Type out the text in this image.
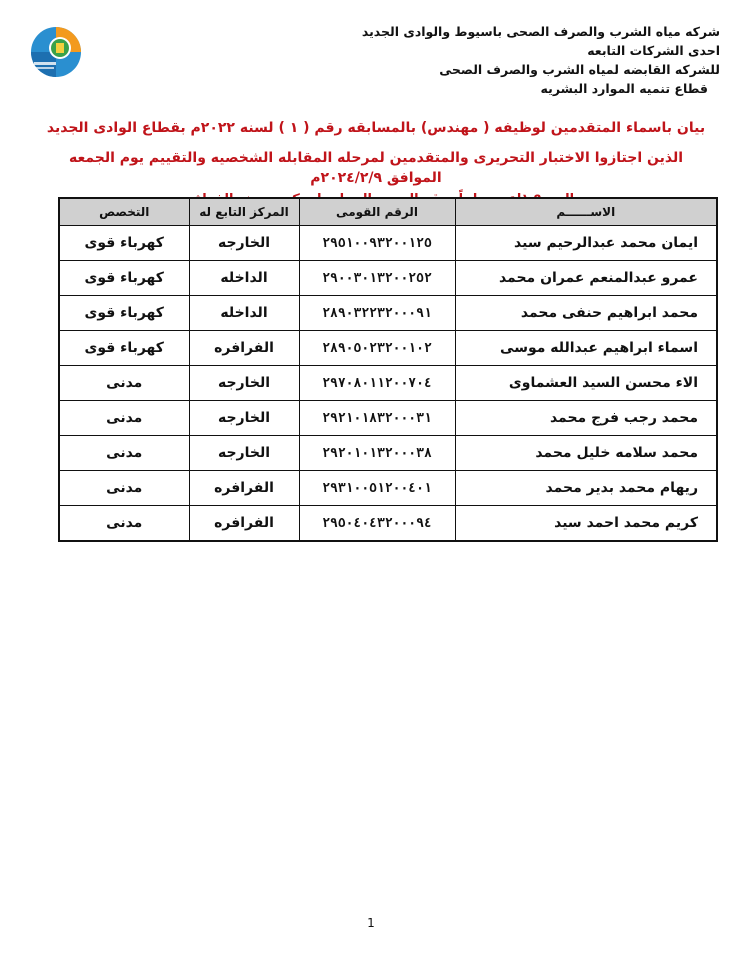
شركه مياه الشرب والصرف الصحى باسيوط والوادى الجديد
احدى الشركات التابعه
للشركه القابضه لمياه الشرب والصرف الصحى
قطاع تنميه الموارد البشريه
بيان باسماء المتقدمين لوظيفه ( مهندس) بالمسابقه رقم ( ١ ) لسنه ٢٠٢٢م بقطاع الوادى الجديد
الذين اجتازوا الاختبار التحريرى والمتقدمين لمرحله المقابله الشخصيه والتقييم يوم الجمعه الموافق ٢٠٢٤/٢/٩م
الاســــــم	الرقم القومى	المركز التابع له	التخصص
ايمان محمد عبدالرحيم سيد	٢٩٥١٠٠٩٣٢٠٠١٢٥	الخارجه	كهرباء قوى
عمرو عبدالمنعم عمران محمد	٢٩٠٠٣٠١٣٢٠٠٢٥٢	الداخله	كهرباء قوى
محمد ابراهيم حنفى محمد	٢٨٩٠٣٢٢٣٢٠٠٠٩١	الداخله	كهرباء قوى
اسماء ابراهيم عبدالله موسى	٢٨٩٠٥٠٢٣٢٠٠١٠٢	الفرافره	كهرباء قوى
الاء محسن السيد العشماوى	٢٩٧٠٨٠١١٢٠٠٧٠٤	الخارجه	مدنى
محمد رجب فرج محمد	٢٩٢١٠١٨٣٢٠٠٠٣١	الخارجه	مدنى
محمد سلامه خليل محمد	٢٩٢٠١٠١٣٢٠٠٠٣٨	الخارجه	مدنى
ريهام محمد بدير محمد	٢٩٣١٠٠٥١٢٠٠٤٠١	الفرافره	مدنى
كريم محمد احمد سيد	٢٩٥٠٤٠٤٣٢٠٠٠٩٤	الفرافره	مدنى
1
